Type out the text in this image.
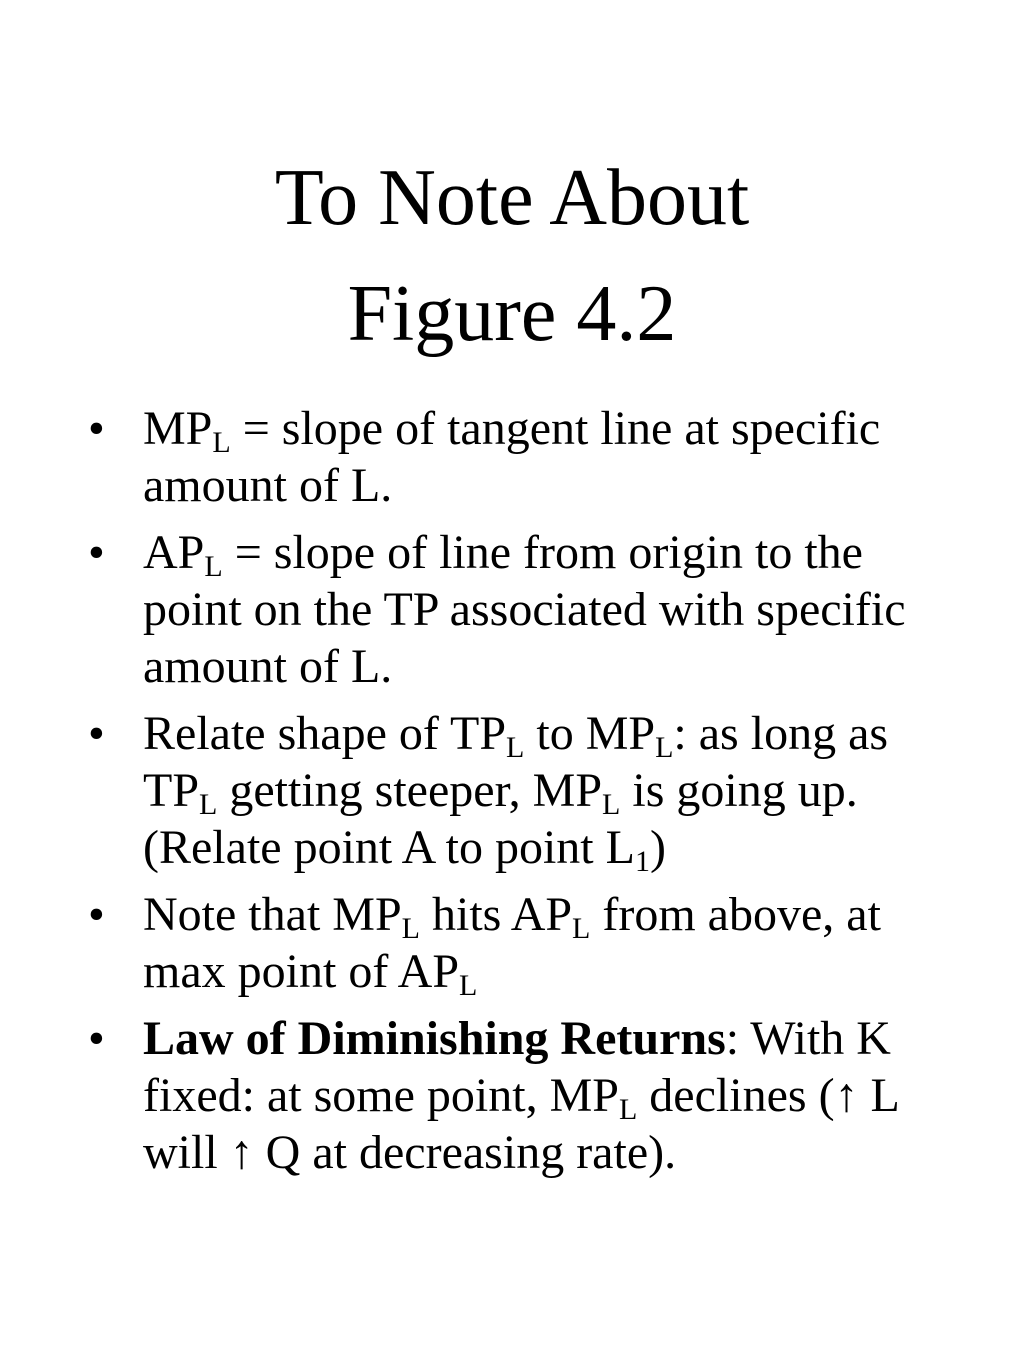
To Note About
Figure 4.2
• $MP_L$ = slope of tangent line at specific amount of L.
• $AP_L$ = slope of line from origin to the point on the TP associated with specific amount of L.
• Relate shape of $TP_L$ to $MP_L$: as long as $TP_L$ getting steeper, $MP_L$ is going up. (Relate point A to point $L_1$)
• Note that $MP_L$ hits $AP_L$ from above, at max point of $AP_L$
• Law of Diminishing Returns: With K fixed: at some point, $MP_L$ declines (↑ L will ↑ Q at decreasing rate).
